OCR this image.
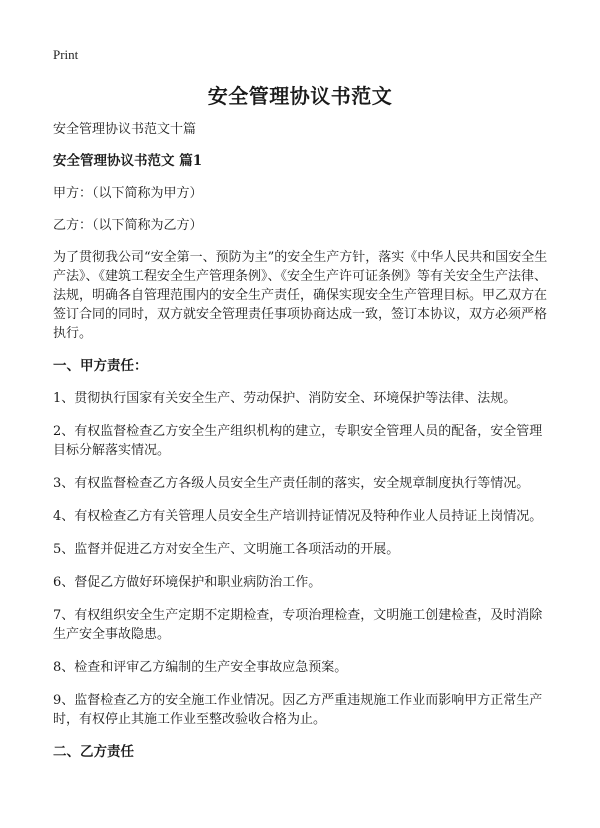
Print
安全管理协议书范文

安全管理协议书范文十篇

安全管理协议书范文 篇1

甲方：（以下简称为甲方）

乙方：（以下简称为乙方）

为了贯彻我公司“安全第一、预防为主”的安全生产方针，落实《中华人民共和国安全生产法》、《建筑工程安全生产管理条例》、《安全生产许可证条例》等有关安全生产法律、法规，明确各自管理范围内的安全生产责任，确保实现安全生产管理目标。甲乙双方在签订合同的同时，双方就安全管理责任事项协商达成一致，签订本协议，双方必须严格执行。

一、甲方责任：

1、贯彻执行国家有关安全生产、劳动保护、消防安全、环境保护等法律、法规。

2、有权监督检查乙方安全生产组织机构的建立，专职安全管理人员的配备，安全管理目标分解落实情况。

3、有权监督检查乙方各级人员安全生产责任制的落实，安全规章制度执行等情况。

4、有权检查乙方有关管理人员安全生产培训持证情况及特种作业人员持证上岗情况。

5、监督并促进乙方对安全生产、文明施工各项活动的开展。

6、督促乙方做好环境保护和职业病防治工作。

7、有权组织安全生产定期不定期检查，专项治理检查，文明施工创建检查，及时消除生产安全事故隐患。

8、检查和评审乙方编制的生产安全事故应急预案。

9、监督检查乙方的安全施工作业情况。因乙方严重违规施工作业而影响甲方正常生产时，有权停止其施工作业至整改验收合格为止。

二、乙方责任
